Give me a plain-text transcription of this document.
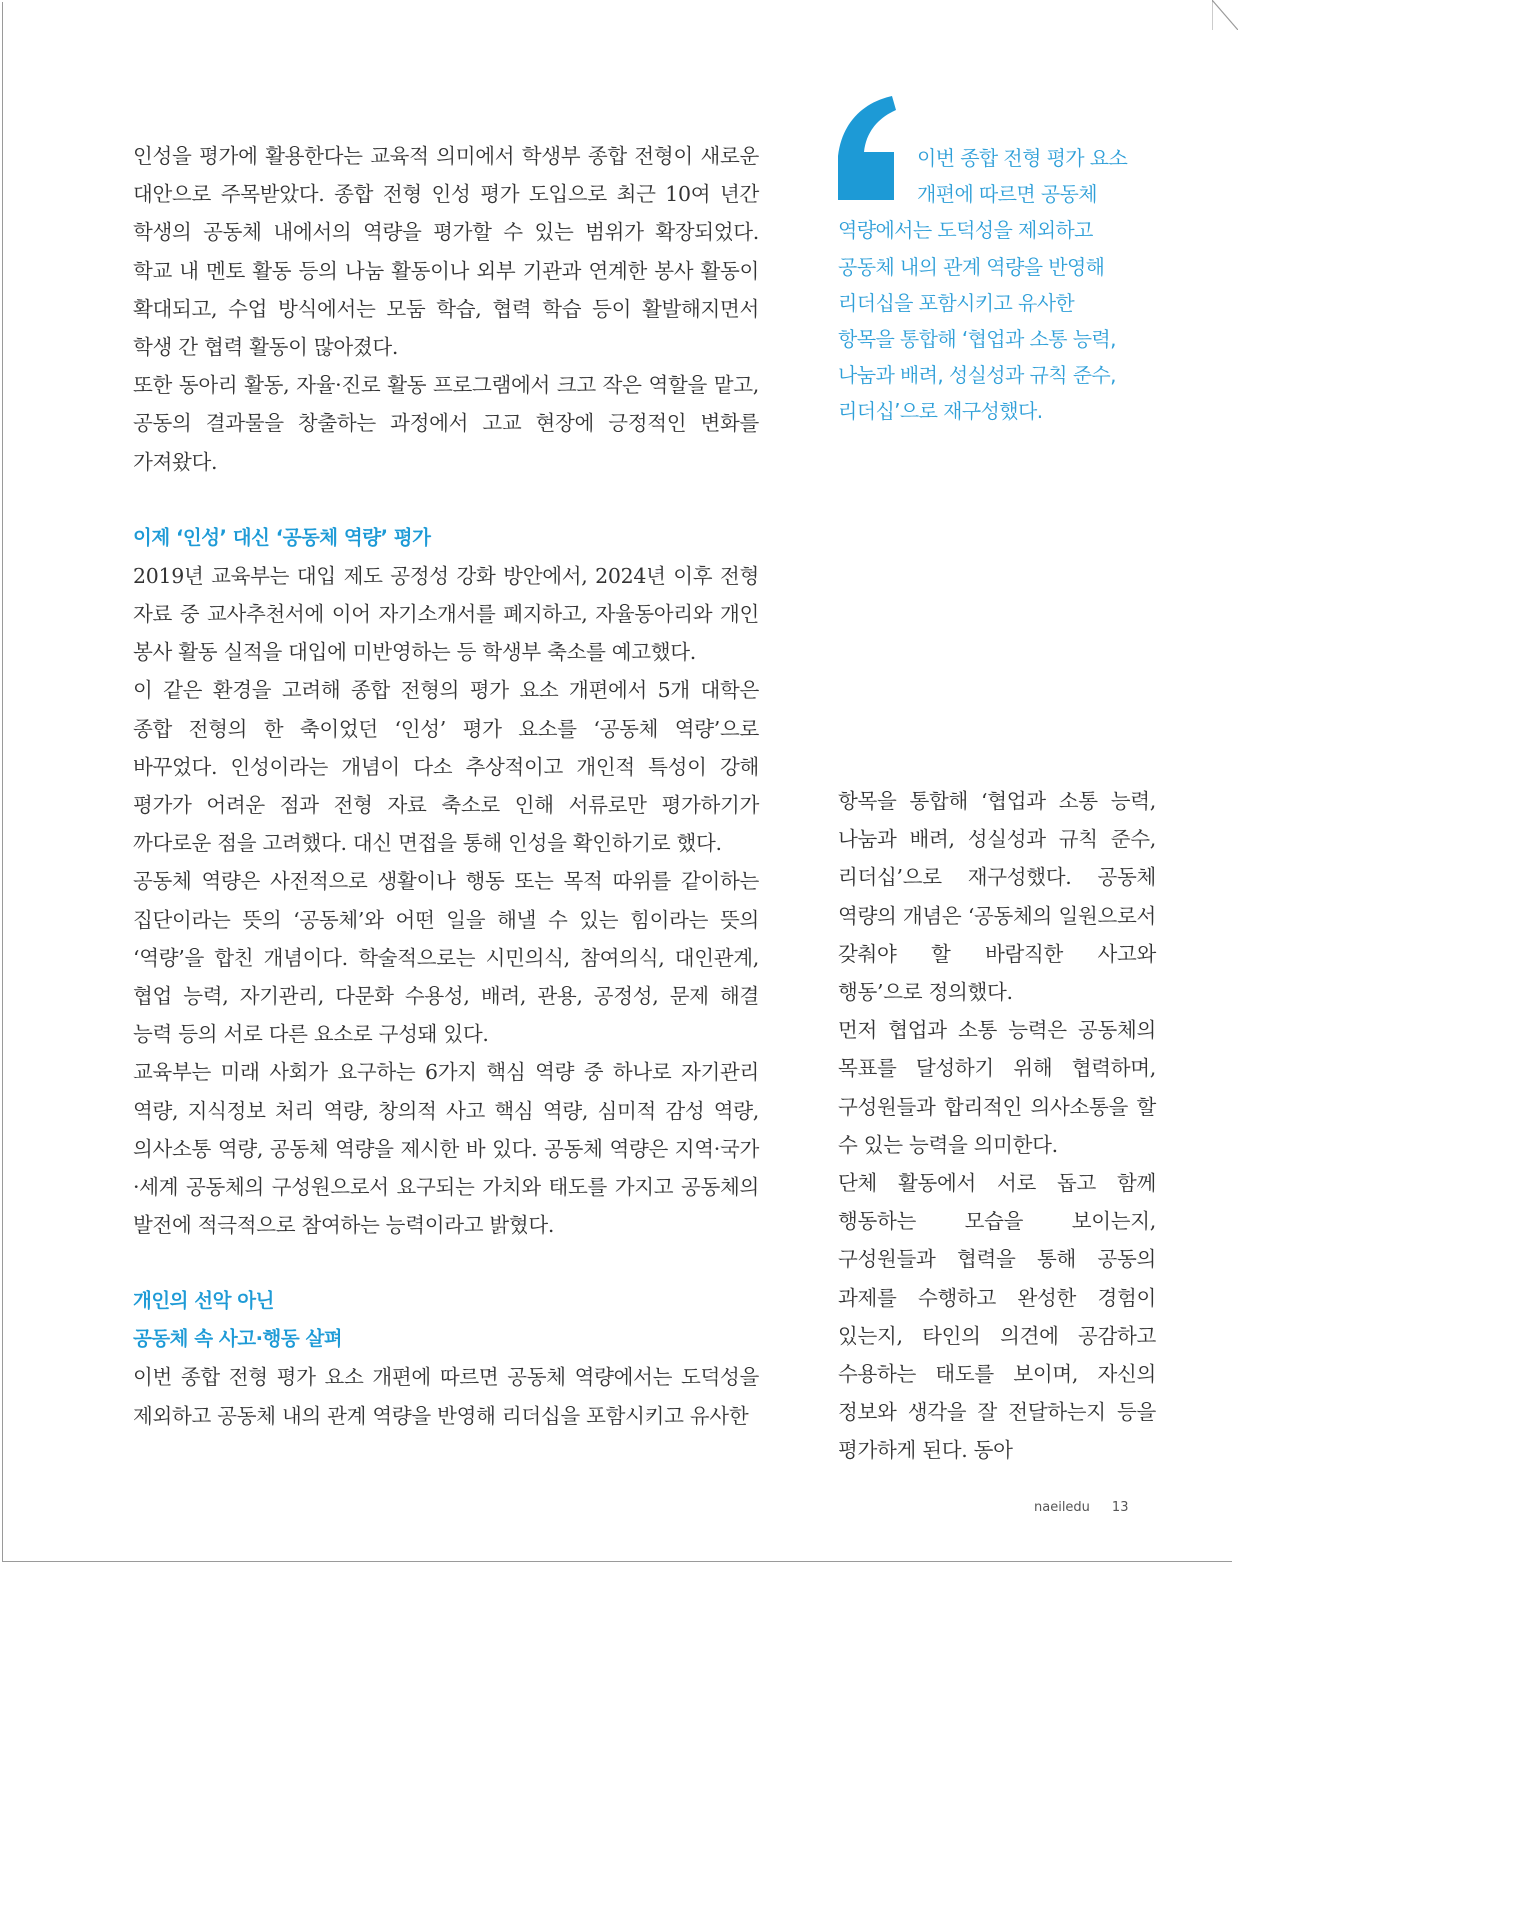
인성을 평가에 활용한다는 교육적 의미에서 학생부 종합 전형이 새로운 대안으로 주목받았다. 종합 전형 인성 평가 도입으로 최근 10여 년간 학생의 공동체 내에서의 역량을 평가할 수 있는 범위가 확장되었다. 학교 내 멘토 활동 등의 나눔 활동이나 외부 기관과 연계한 봉사 활동이 확대되고, 수업 방식에서는 모둠 학습, 협력 학습 등이 활발해지면서 학생 간 협력 활동이 많아졌다.

또한 동아리 활동, 자율·진로 활동 프로그램에서 크고 작은 역할을 맡고, 공동의 결과물을 창출하는 과정에서 고교 현장에 긍정적인 변화를 가져왔다.

이제 ‘인성’ 대신 ‘공동체 역량’ 평가

2019년 교육부는 대입 제도 공정성 강화 방안에서, 2024년 이후 전형 자료 중 교사추천서에 이어 자기소개서를 폐지하고, 자율동아리와 개인 봉사 활동 실적을 대입에 미반영하는 등 학생부 축소를 예고했다.

이 같은 환경을 고려해 종합 전형의 평가 요소 개편에서 5개 대학은 종합 전형의 한 축이었던 ‘인성’ 평가 요소를 ‘공동체 역량’으로 바꾸었다. 인성이라는 개념이 다소 추상적이고 개인적 특성이 강해 평가가 어려운 점과 전형 자료 축소로 인해 서류로만 평가하기가 까다로운 점을 고려했다. 대신 면접을 통해 인성을 확인하기로 했다.

공동체 역량은 사전적으로 생활이나 행동 또는 목적 따위를 같이하는 집단이라는 뜻의 ‘공동체’와 어떤 일을 해낼 수 있는 힘이라는 뜻의 ‘역량’을 합친 개념이다. 학술적으로는 시민의식, 참여의식, 대인관계, 협업 능력, 자기관리, 다문화 수용성, 배려, 관용, 공정성, 문제 해결 능력 등의 서로 다른 요소로 구성돼 있다.

교육부는 미래 사회가 요구하는 6가지 핵심 역량 중 하나로 자기관리 역량, 지식정보 처리 역량, 창의적 사고 핵심 역량, 심미적 감성 역량, 의사소통 역량, 공동체 역량을 제시한 바 있다. 공동체 역량은 지역·국가·세계 공동체의 구성원으로서 요구되는 가치와 태도를 가지고 공동체의 발전에 적극적으로 참여하는 능력이라고 밝혔다.

개인의 선악 아닌
공동체 속 사고·행동 살펴

이번 종합 전형 평가 요소 개편에 따르면 공동체 역량에서는 도덕성을 제외하고 공동체 내의 관계 역량을 반영해 리더십을 포함시키고 유사한

이번 종합 전형 평가 요소
개편에 따르면 공동체
역량에서는 도덕성을 제외하고
공동체 내의 관계 역량을 반영해
리더십을 포함시키고 유사한
항목을 통합해 ‘협업과 소통 능력,
나눔과 배려, 성실성과 규칙 준수,
리더십’으로 재구성했다.

항목을 통합해 ‘협업과 소통 능력, 나눔과 배려, 성실성과 규칙 준수, 리더십’으로 재구성했다. 공동체 역량의 개념은 ‘공동체의 일원으로서 갖춰야 할 바람직한 사고와 행동’으로 정의했다.

먼저 협업과 소통 능력은 공동체의 목표를 달성하기 위해 협력하며, 구성원들과 합리적인 의사소통을 할 수 있는 능력을 의미한다.

단체 활동에서 서로 돕고 함께 행동하는 모습을 보이는지, 구성원들과 협력을 통해 공동의 과제를 수행하고 완성한 경험이 있는지, 타인의 의견에 공감하고 수용하는 태도를 보이며, 자신의 정보와 생각을 잘 전달하는지 등을 평가하게 된다. 동아

naeiledu 13
